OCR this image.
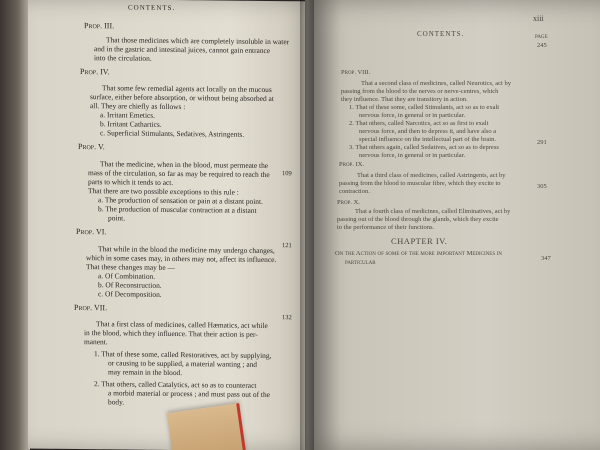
CONTENTS.
Prop. III.
That those medicines which are completely insoluble in water
and in the gastric and intestinal juices, cannot gain entrance
into the circulation.
Prop. IV.
That some few remedial agents act locally on the mucous
surface, either before absorption, or without being absorbed at
all. They are chiefly as follows :
a. Irritant Emetics.
b. Irritant Cathartics.
c. Superficial Stimulants, Sedatives, Astringents.
Prop. V.
That the medicine, when in the blood, must permeate the
mass of the circulation, so far as may be required to reach the
parts to which it tends to act.
That there are two possible exceptions to this rule :
a. The production of sensation or pain at a distant point.
b. The production of muscular contraction at a distant
point.
109
Prop. VI.
That while in the blood the medicine may undergo changes,
which in some cases may, in others may not, affect its influence.
That these changes may be —
a. Of Combination.
b. Of Reconstruction.
c. Of Decomposition.
121
Prop. VII.
That a first class of medicines, called Hæmatics, act while
in the blood, which they influence. That their action is per-
manent.
1. That of these some, called Restoratives, act by supplying,
or causing to be supplied, a material wanting ; and
may remain in the blood.
2. That others, called Catalytics, act so as to counteract
a morbid material or process ; and must pass out of the
body.
132
CONTENTS.
xiii
PAGE
245
Prop. VIII.
That a second class of medicines, called Neurotics, act by
passing from the blood to the nerves or nerve-centres, which
they influence. That they are transitory in action.
1. That of these some, called Stimulants, act so as to exalt
nervous force, in general or in particular.
2. That others, called Narcotics, act so as first to exalt
nervous force, and then to depress it, and have also a
special influence on the intellectual part of the brain.
3. That others again, called Sedatives, act so as to depress
nervous force, in general or in particular.
Prop. IX.
291
That a third class of medicines, called Astringents, act by
passing from the blood to muscular fibre, which they excite to
contraction.
Prop. X.
305
That a fourth class of medicines, called Eliminatives, act by
passing out of the blood through the glands, which they excite
to the performance of their functions.
CHAPTER IV.
On the Action of some of the more important Medicines in
particular
347
